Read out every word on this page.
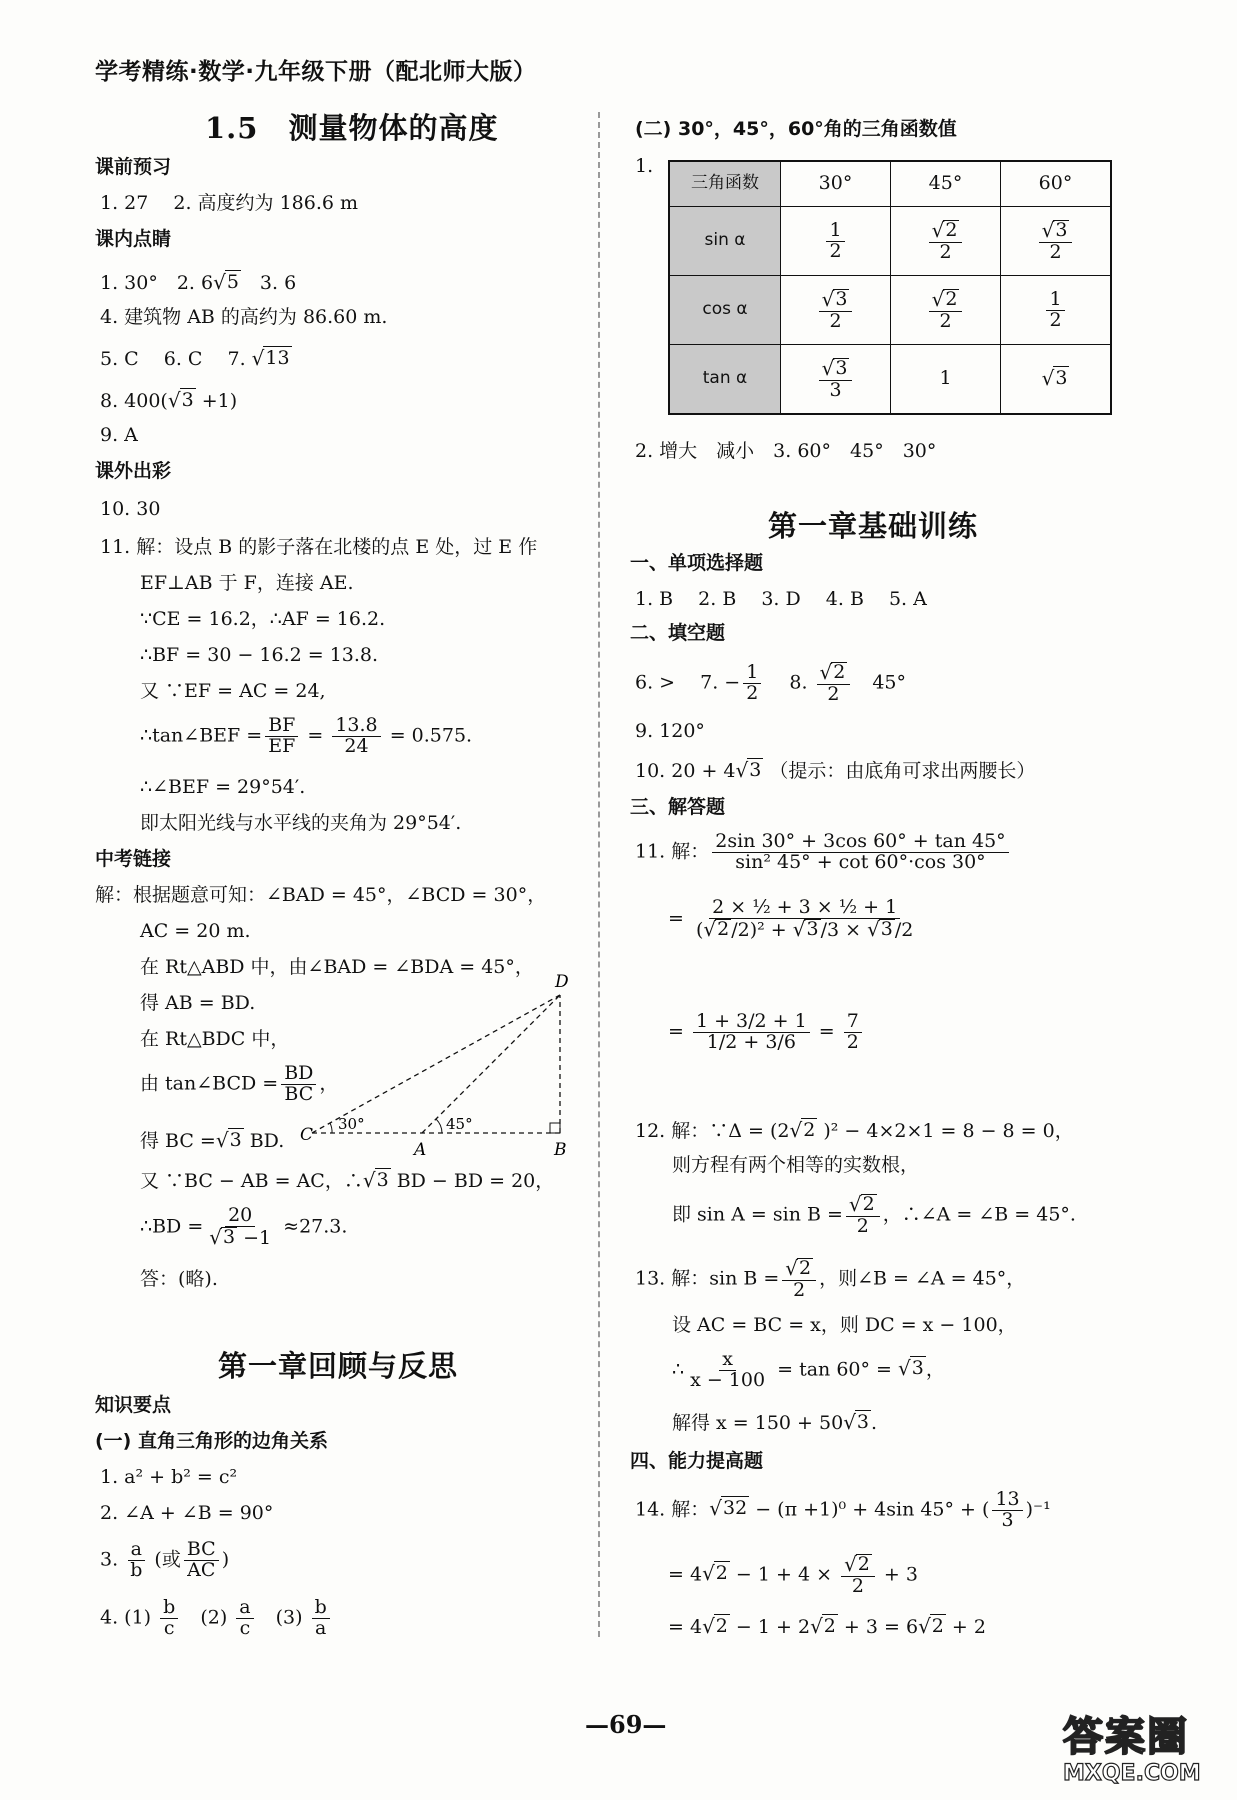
学考精练·数学·九年级下册（配北师大版）
1.5　测量物体的高度
课前预习
1. 27　 2. 高度约为 186.6 m
课内点睛
1. 30°　2. 6 √ 5 　3. 6
4. 建筑物 AB 的高约为 86.60 m.
5. C　 6. C　 7. √ 13
8. 400( √ 3 +1)
9. A
课外出彩
10. 30
11. 解：设点 B 的影子落在北楼的点 E 处，过 E 作
EF⊥AB 于 F，连接 AE.
∵CE = 16.2，∴AF = 16.2.
∴BF = 30 − 16.2 = 13.8.
又 ∵EF = AC = 24,
∴tan∠BEF = $\frac{BF}{EF} = \frac{13.8}{24} = 0.575$.
∴∠BEF = 29°54′.
即太阳光线与水平线的夹角为 29°54′.
中考链接
解：根据题意可知：∠BAD = 45°，∠BCD = 30°，
AC = 20 m.
在 Rt△ABD 中，由∠BAD = ∠BDA = 45°，
得 AB = BD.
在 Rt△BDC 中，
由 tan∠BCD = $\frac{BD}{BC}$ ，
得 BC = √ 3 BD.
又 ∵BC − AB = AC，∴ √ 3 BD − BD = 20，
∴BD = $\frac{20}{√ 3 -1} \approx 27.3$.
答：(略).
D
C
A	B
30°	45°
第一章回顾与反思
知识要点
(一) 直角三角形的边角关系
1. a² + b² = c²
2. ∠A + ∠B = 90°
3. $\frac{a}{b}$ (或 $\frac{BC}{AC}$ )
4. $(1) \frac{b}{c}$
　 $(2) \frac{a}{c}$
　 $(3) \frac{b}{a}$
(二) 30°，45°，60°角的三角函数值
1.
三角函数	30°	45°	60°
sin α	$\frac{1}{2}$	$\frac{√ 2}{2}$	$\frac{√ 3}{2}$

cos α	$\frac{√ 3}{2}$	$\frac{√ 2}{2}$	$\frac{1}{2}$

tan α	$\frac{√ 3}{3}$	1	√ 3
2. 增大　减小　3. 60°　45°　30°
第一章基础训练
一、单项选择题
1. B　 2. B　 3. D　 4. B　 5. A
二、填空题
6. >　 7. − $\frac{1}{2}$ 　 8. $\frac{√ 2}{2}$ 　45°
9. 120°
10. 20 + 4 √ 3 （提示：由底角可求出两腰长）
三、解答题
11. 解： $\frac{2\sin 30^\circ + 3\cos 60^\circ + \tan 45^\circ}{\text{sin² 45° + cot 60°·cos 30°}}$
= $\frac{\text{2 × ½ + 3 × ½ + 1}}{\text{( √ 2 /2)² + √ 3 /3 × √ 3 /2}}$
= $\frac{1 + 3/2 + 1}{1/2 + 3/6} = \frac{7}{2}$
12. 解：∵Δ = (2 √ 2 )² − 4×2×1 = 8 − 8 = 0，
则方程有两个相等的实数根，
即 $\sin A = \sin B = \frac{√ 2}{2}$ ，∴∠A = ∠B = 45°.
13. 解：$\sin B = \frac{√ 2}{2}$ ，则∠B = ∠A = 45°，
设 AC = BC = x，则 DC = x − 100，
∴ $\frac{x}{x - 100} = \tan 60^\circ$ = √ 3 ，
解得 x = 150 + 50 √ 3 .
四、能力提高题
14. 解： √ 32 − (π +1)⁰ + 4sin 45° + ( $\frac{13}{3} )^{-1}$
= 4 √ $2 - 1 + 4 \times \frac{√ 2}{2} + 3$
= 4 √ 2 − 1 + 2 √ 2 + 3 = 6 √ 2 + 2
—69—	答案圈
MXQE.COM
